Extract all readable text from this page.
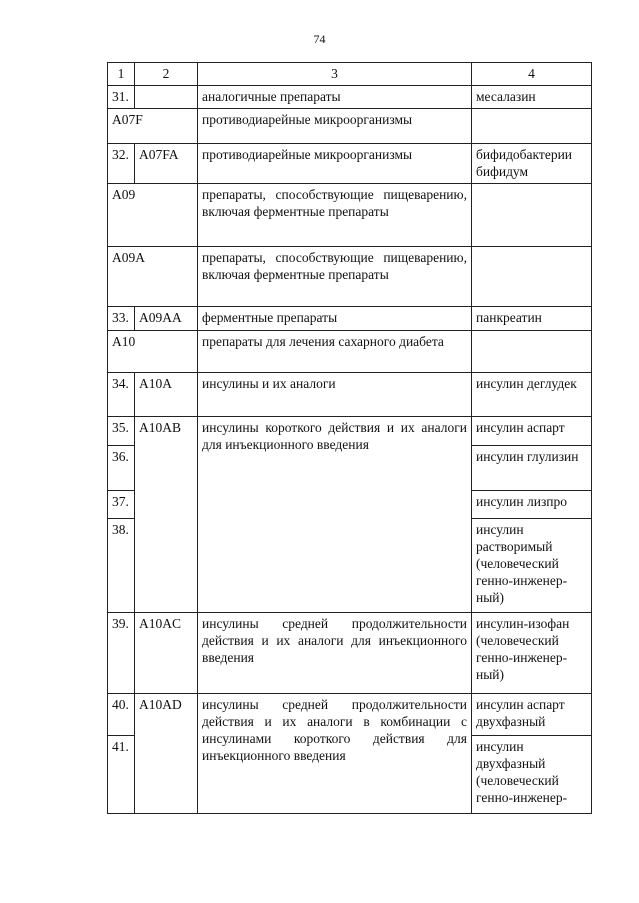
74
1	2	3	4
31.		аналогичные препараты	месалазин
A07F		противодиарейные микроорганизмы	
32.	A07FA	противодиарейные микроорганизмы	бифидобактерии бифидум
A09		препараты, способствующие пищеварению, включая ферментные препараты	
A09A		препараты, способствующие пищеварению, включая ферментные препараты	
33.	A09AA	ферментные препараты	панкреатин
A10		препараты для лечения сахарного диабета	
34.	A10A	инсулины и их аналоги	инсулин деглудек
35.	A10AB	инсулины короткого действия и их аналоги для инъекционного введения	инсулин аспарт
36.			инсулин глулизин
37.			инсулин лизпро
38.			инсулин растворимый (человеческий генно-инженер-ный)
39.	A10AC	инсулины средней продолжительности действия и их аналоги для инъекционного введения	инсулин-изофан (человеческий генно-инженер-ный)
40.	A10AD	инсулины средней продолжительности действия и их аналоги в комбинации с инсулинами короткого действия для инъекционного введения	инсулин аспарт двухфазный
41.			инсулин двухфазный (человеческий генно-инженер-
